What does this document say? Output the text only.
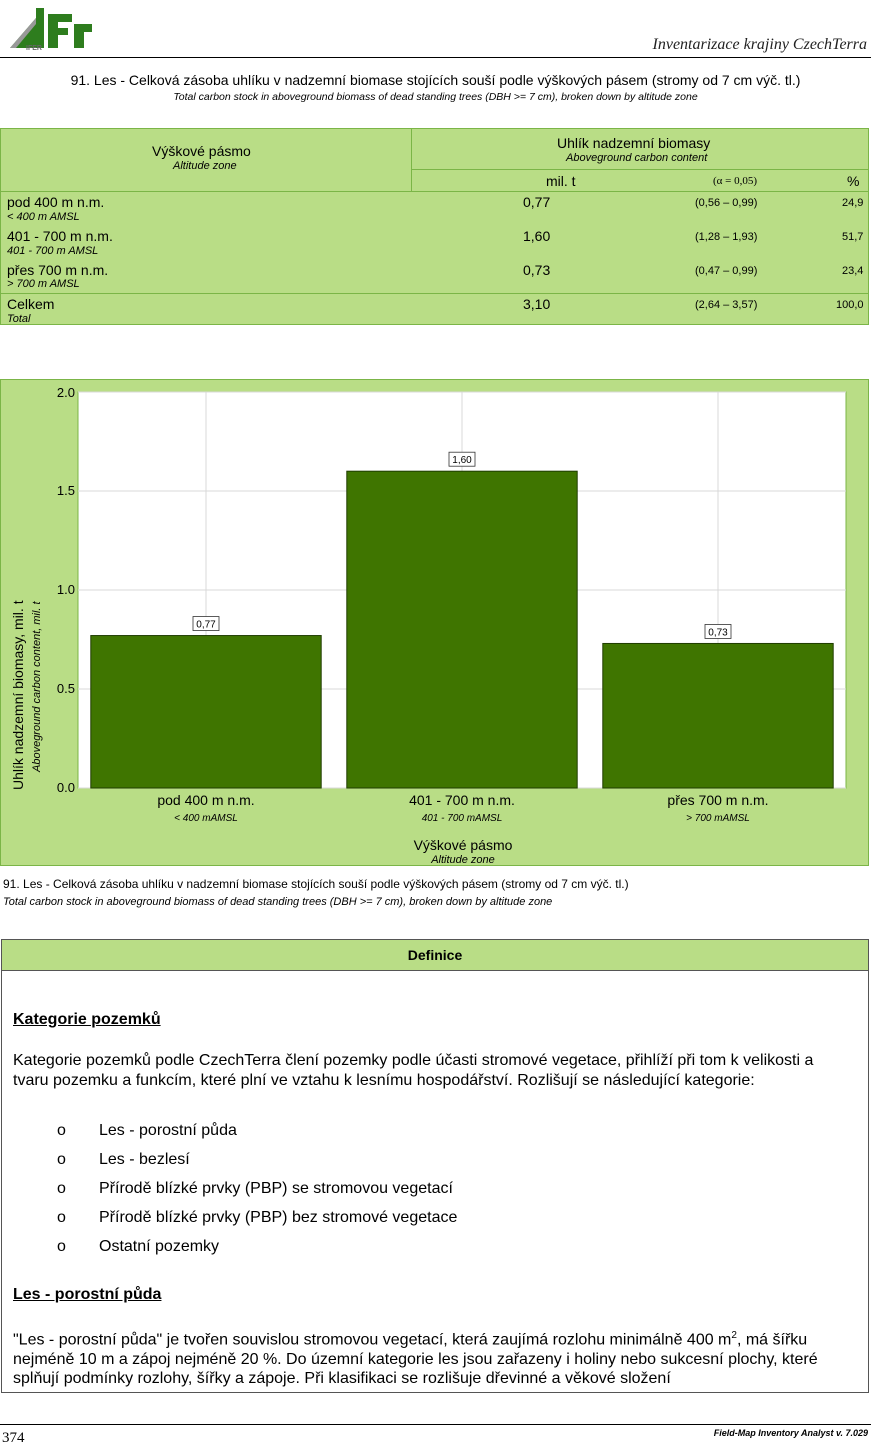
IFER	Inventarizace krajiny CzechTerra
91. Les - Celková zásoba uhlíku v nadzemní biomase stojících souší podle výškových pásem (stromy od 7 cm výč. tl.)
Total carbon stock in aboveground biomass of dead standing trees (DBH >= 7 cm), broken down by altitude zone
Výškové pásmo
Altitude zone
Uhlík nadzemní biomasy
Aboveground carbon content
mil. t	(α = 0,05)	%
pod 400 m n.m.
< 400 m AMSL
0,77	(0,56 – 0,99)	24,9
401 - 700 m n.m.
401 - 700 m AMSL
1,60	(1,28 – 1,93)	51,7
přes 700 m n.m.
> 700 m AMSL
0,73	(0,47 – 0,99)	23,4
Celkem
Total
3,10	(2,64 – 3,57)	100,0
0,77
1,60
0,73
0.0
0.5
1.0
1.5
2.0
pod 400 m n.m.
< 400 mAMSL
401 - 700 m n.m.
401 - 700 mAMSL
přes 700 m n.m.
> 700 mAMSL
Uhlík nadzemní biomasy, mil. t Aboveground carbon content, mil. t
Výškové pásmo
Altitude zone
91. Les - Celková zásoba uhlíku v nadzemní biomase stojících souší podle výškových pásem (stromy od 7 cm výč. tl.)
Total carbon stock in aboveground biomass of dead standing trees (DBH >= 7 cm), broken down by altitude zone
Definice
Kategorie pozemků
Kategorie pozemků podle CzechTerra člení pozemky podle účasti stromové vegetace, přihlíží při tom k velikosti a tvaru pozemku a funkcím, které plní ve vztahu k lesnímu hospodářství. Rozlišují se následující kategorie:
o Les - porostní půda
o Les - bezlesí
o Přírodě blízké prvky (PBP) se stromovou vegetací
o Přírodě blízké prvky (PBP) bez stromové vegetace
o Ostatní pozemky
Les - porostní půda
"Les - porostní půda" je tvořen souvislou stromovou vegetací, která zaujímá rozlohu minimálně 400 $m^2$, má šířku nejméně 10 m a zápoj nejméně 20 %. Do územní kategorie les jsou zařazeny i holiny nebo sukcesní plochy, které splňují podmínky rozlohy, šířky a zápoje. Při klasifikaci se rozlišuje dřevinné a věkové složení
374	Field-Map Inventory Analyst v. 7.029
